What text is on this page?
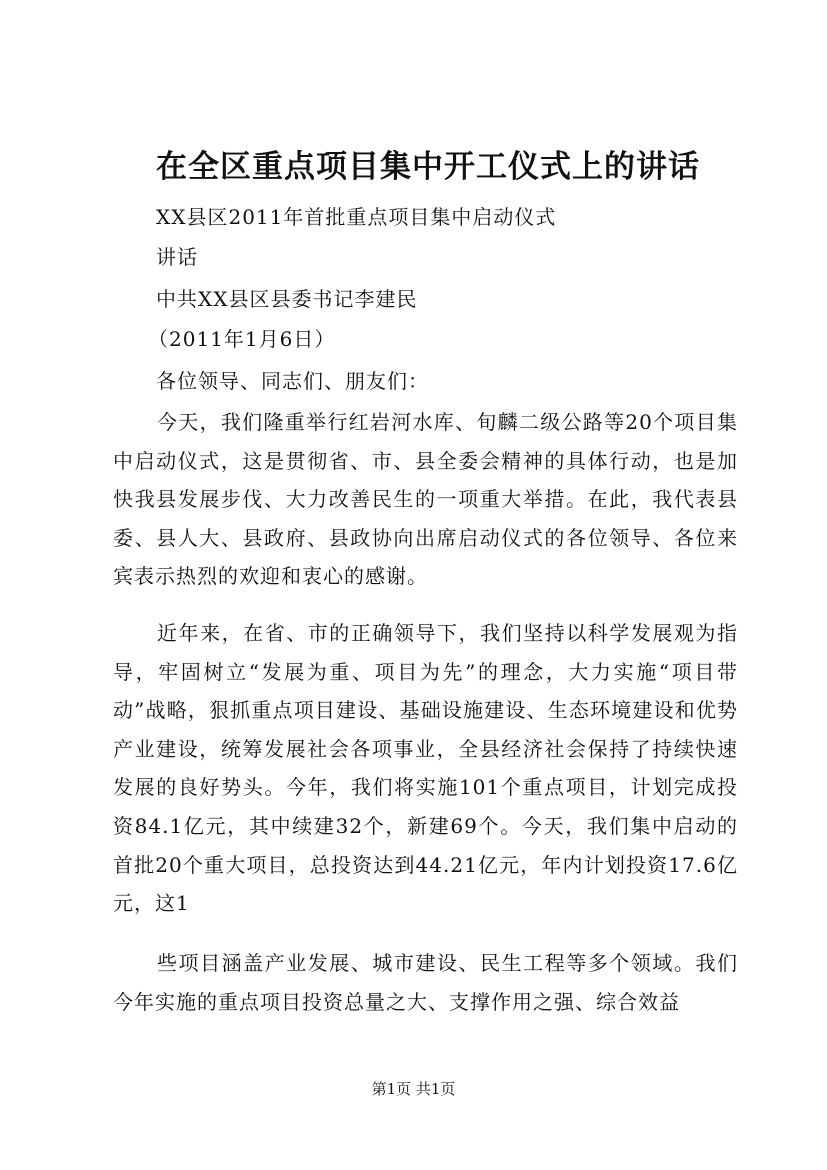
在全区重点项目集中开工仪式上的讲话

XX县区2011年首批重点项目集中启动仪式

讲话

中共XX县区县委书记李建民

（2011年1月6日）

各位领导、同志们、朋友们：

今天，我们隆重举行红岩河水库、旬麟二级公路等20个项目集中启动仪式，这是贯彻省、市、县全委会精神的具体行动，也是加快我县发展步伐、大力改善民生的一项重大举措。在此，我代表县委、县人大、县政府、县政协向出席启动仪式的各位领导、各位来宾表示热烈的欢迎和衷心的感谢。

近年来，在省、市的正确领导下，我们坚持以科学发展观为指导，牢固树立“发展为重、项目为先”的理念，大力实施“项目带动”战略，狠抓重点项目建设、基础设施建设、生态环境建设和优势产业建设，统筹发展社会各项事业，全县经济社会保持了持续快速发展的良好势头。今年，我们将实施101个重点项目，计划完成投资84.1亿元，其中续建32个，新建69个。今天，我们集中启动的首批20个重大项目，总投资达到44.21亿元，年内计划投资17.6亿元，这1

些项目涵盖产业发展、城市建设、民生工程等多个领域。我们今年实施的重点项目投资总量之大、支撑作用之强、综合效益

第1页 共1页
